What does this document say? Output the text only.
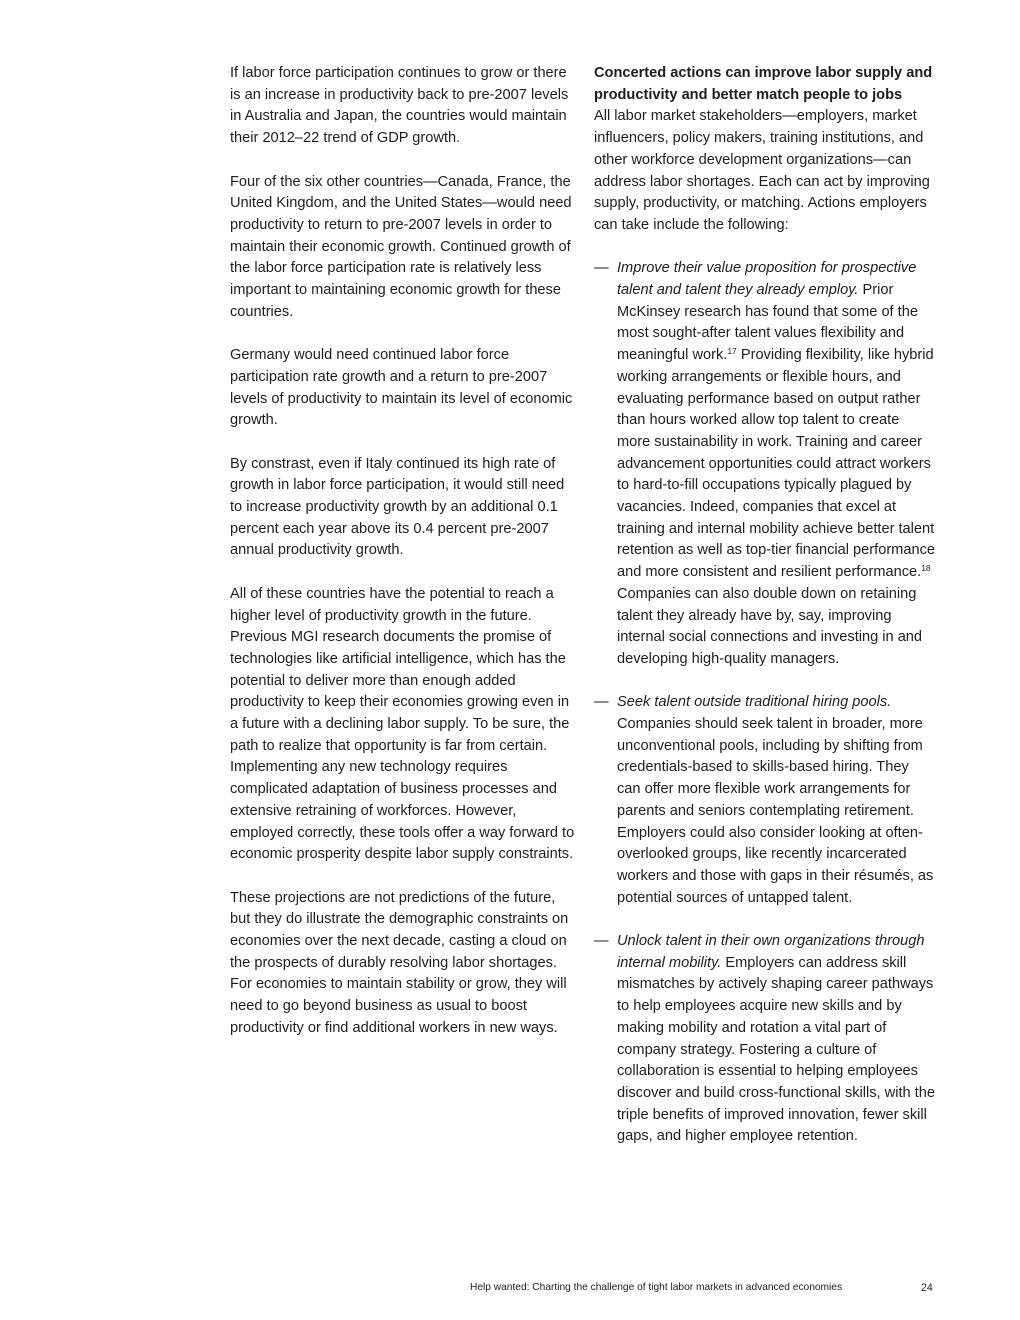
If labor force participation continues to grow or there is an increase in productivity back to pre-2007 levels in Australia and Japan, the countries would maintain their 2012–22 trend of GDP growth.

Four of the six other countries—Canada, France, the United Kingdom, and the United States—would need productivity to return to pre-2007 levels in order to maintain their economic growth. Continued growth of the labor force participation rate is relatively less important to maintaining economic growth for these countries.

Germany would need continued labor force participation rate growth and a return to pre-2007 levels of productivity to maintain its level of economic growth.

By constrast, even if Italy continued its high rate of growth in labor force participation, it would still need to increase productivity growth by an additional 0.1 percent each year above its 0.4 percent pre-2007 annual productivity growth.

All of these countries have the potential to reach a higher level of productivity growth in the future. Previous MGI research documents the promise of technologies like artificial intelligence, which has the potential to deliver more than enough added productivity to keep their economies growing even in a future with a declining labor supply. To be sure, the path to realize that opportunity is far from certain. Implementing any new technology requires complicated adaptation of business processes and extensive retraining of workforces. However, employed correctly, these tools offer a way forward to economic prosperity despite labor supply constraints.

These projections are not predictions of the future, but they do illustrate the demographic constraints on economies over the next decade, casting a cloud on the prospects of durably resolving labor shortages. For economies to maintain stability or grow, they will need to go beyond business as usual to boost productivity or find additional workers in new ways.

Concerted actions can improve labor supply and productivity and better match people to jobs
All labor market stakeholders—employers, market influencers, policy makers, training institutions, and other workforce development organizations—can address labor shortages. Each can act by improving supply, productivity, or matching. Actions employers can take include the following:

— Improve their value proposition for prospective talent and talent they already employ. Prior McKinsey research has found that some of the most sought-after talent values flexibility and meaningful work.$^{17}$ Providing flexibility, like hybrid working arrangements or flexible hours, and evaluating performance based on output rather than hours worked allow top talent to create more sustainability in work. Training and career advancement opportunities could attract workers to hard-to-fill occupations typically plagued by vacancies. Indeed, companies that excel at training and internal mobility achieve better talent retention as well as top-tier financial performance and more consistent and resilient performance.$^{18}$ Companies can also double down on retaining talent they already have by, say, improving internal social connections and investing in and developing high-quality managers.
— Seek talent outside traditional hiring pools. Companies should seek talent in broader, more unconventional pools, including by shifting from credentials-based to skills-based hiring. They can offer more flexible work arrangements for parents and seniors contemplating retirement. Employers could also consider looking at often-overlooked groups, like recently incarcerated workers and those with gaps in their résumés, as potential sources of untapped talent.
— Unlock talent in their own organizations through internal mobility. Employers can address skill mismatches by actively shaping career pathways to help employees acquire new skills and by making mobility and rotation a vital part of company strategy. Fostering a culture of collaboration is essential to helping employees discover and build cross-functional skills, with the triple benefits of improved innovation, fewer skill gaps, and higher employee retention.
Help wanted: Charting the challenge of tight labor markets in advanced economies	24
